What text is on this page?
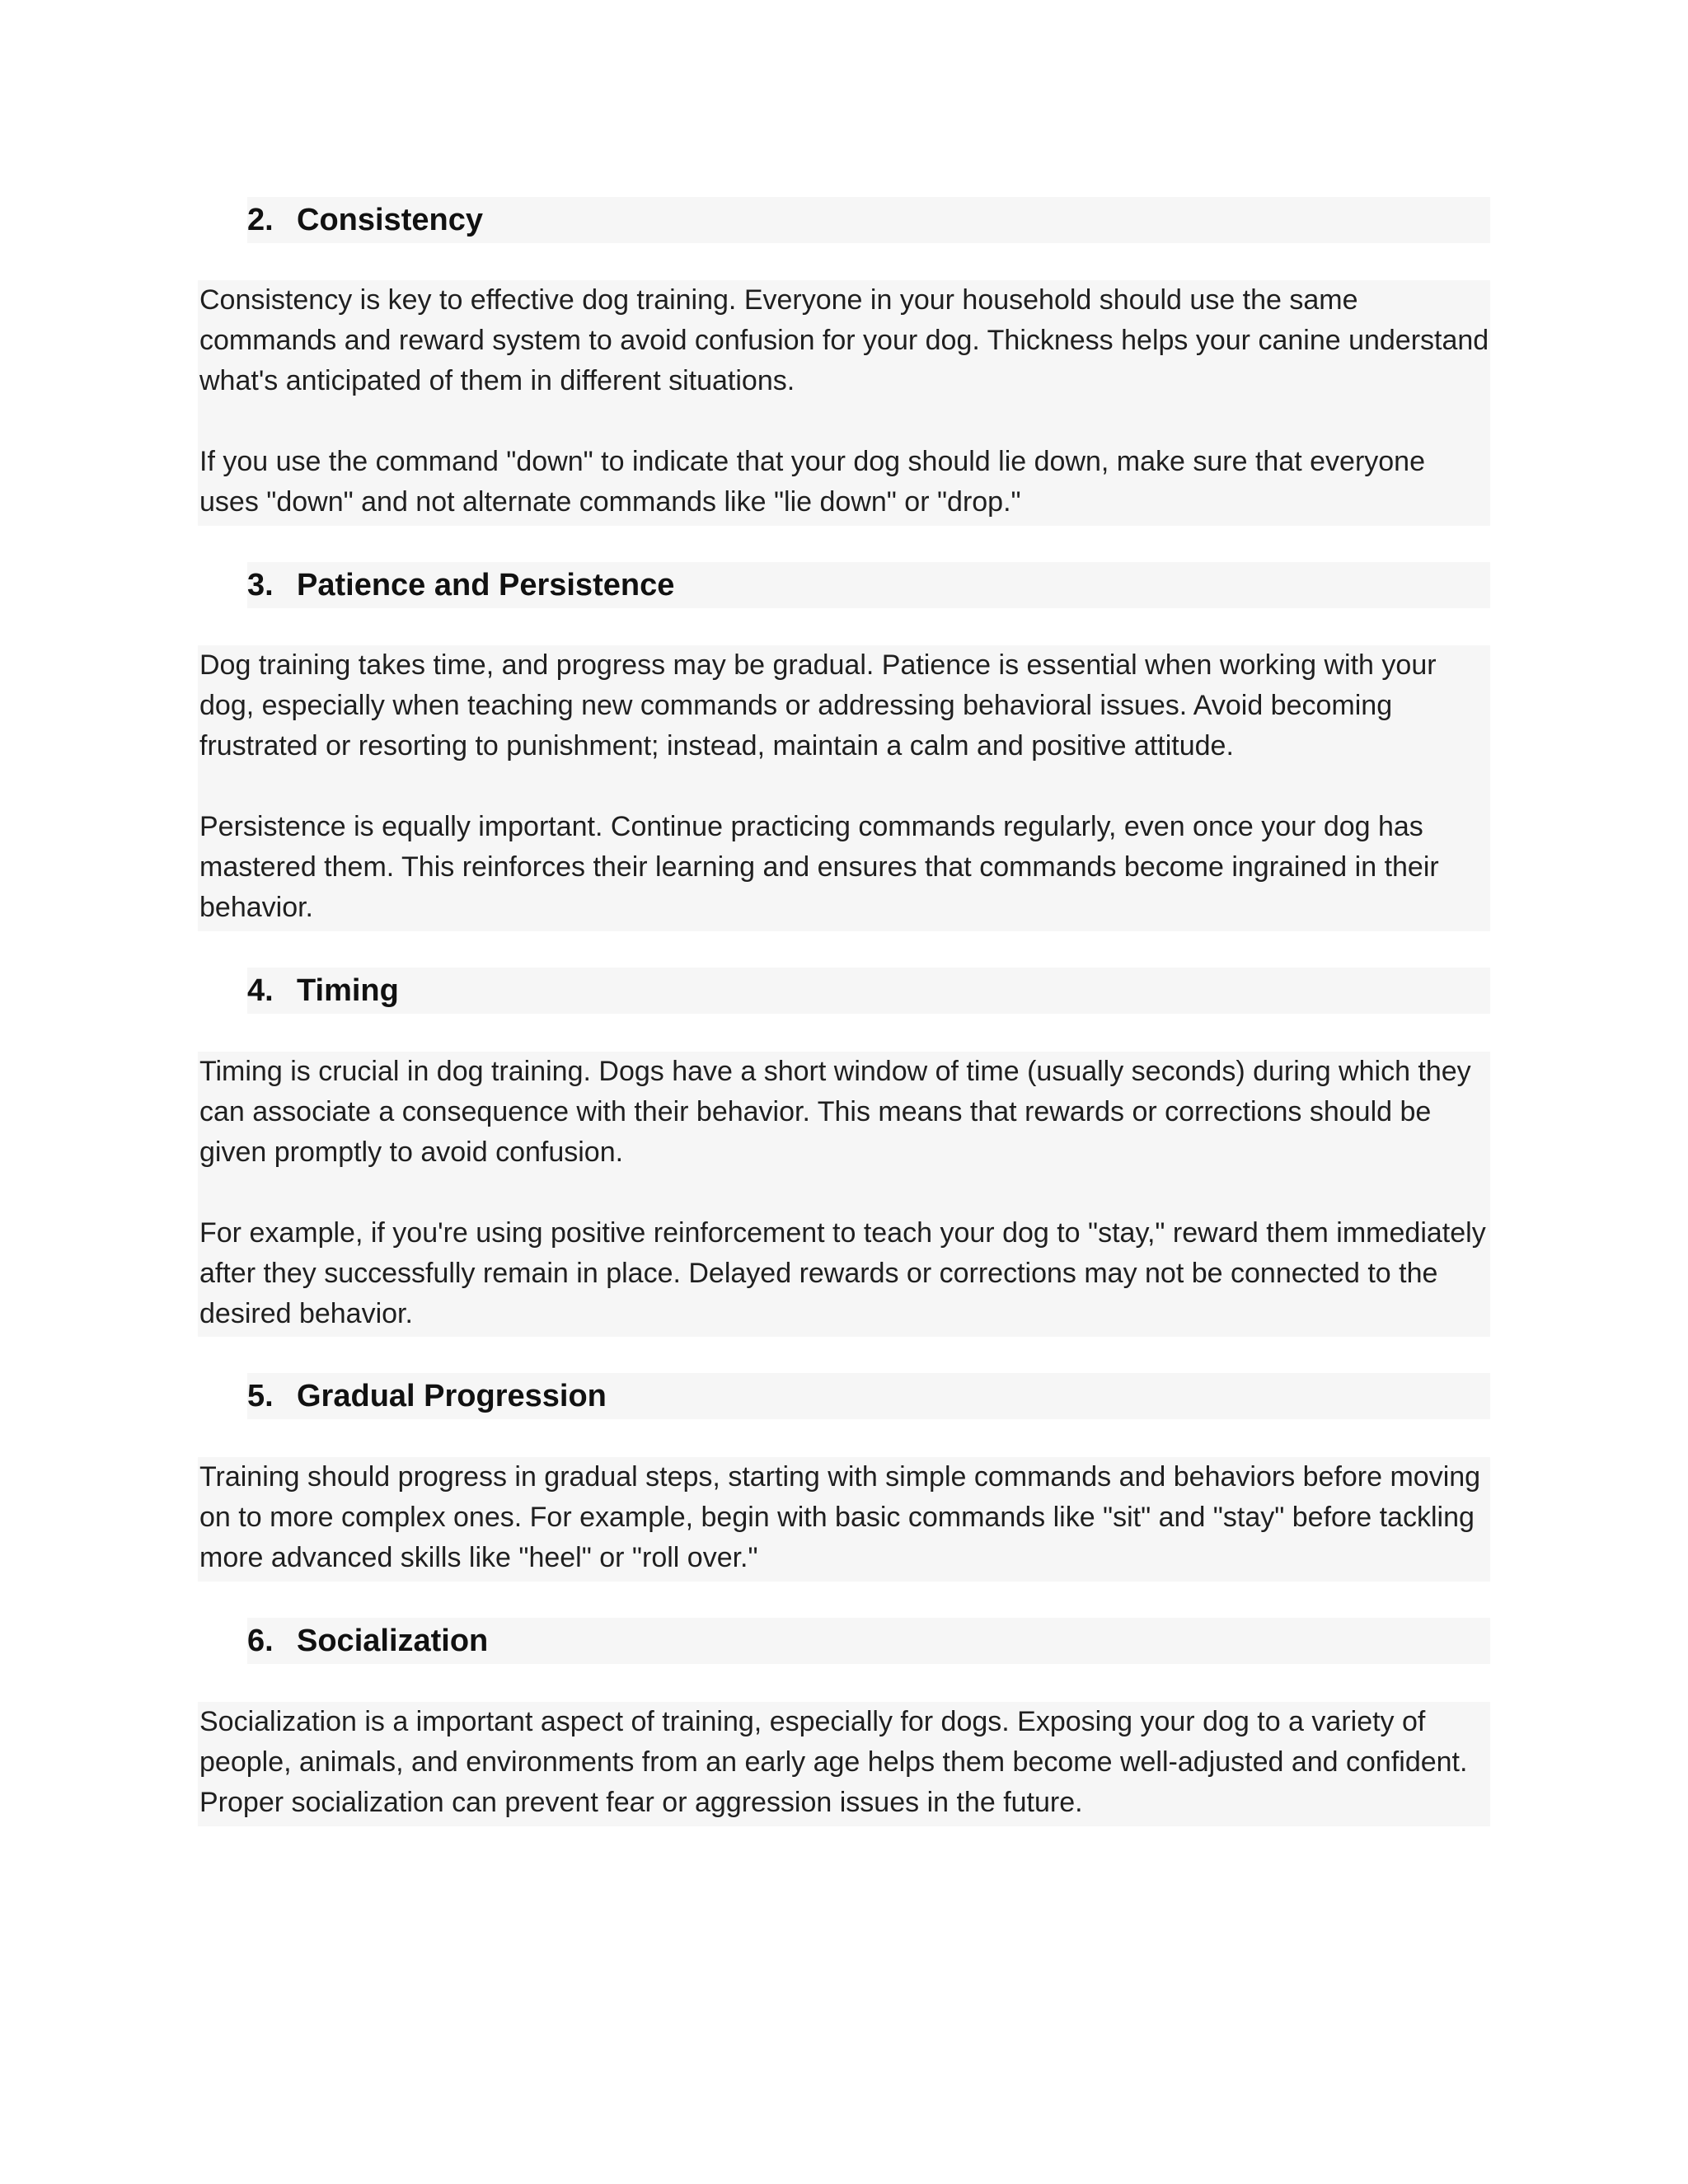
2. Consistency

Consistency is key to effective dog training. Everyone in your household should use the same commands and reward system to avoid confusion for your dog. Thickness helps your canine understand what's anticipated of them in different situations.

If you use the command "down" to indicate that your dog should lie down, make sure that everyone uses "down" and not alternate commands like "lie down" or "drop."

3. Patience and Persistence

Dog training takes time, and progress may be gradual. Patience is essential when working with your dog, especially when teaching new commands or addressing behavioral issues. Avoid becoming frustrated or resorting to punishment; instead, maintain a calm and positive attitude.

Persistence is equally important. Continue practicing commands regularly, even once your dog has mastered them. This reinforces their learning and ensures that commands become ingrained in their behavior.

4. Timing

Timing is crucial in dog training. Dogs have a short window of time (usually seconds) during which they can associate a consequence with their behavior. This means that rewards or corrections should be given promptly to avoid confusion.

For example, if you're using positive reinforcement to teach your dog to "stay," reward them immediately after they successfully remain in place. Delayed rewards or corrections may not be connected to the desired behavior.

5. Gradual Progression

Training should progress in gradual steps, starting with simple commands and behaviors before moving on to more complex ones. For example, begin with basic commands like "sit" and "stay" before tackling more advanced skills like "heel" or "roll over."

6. Socialization

Socialization is a important aspect of training, especially for dogs. Exposing your dog to a variety of people, animals, and environments from an early age helps them become well-adjusted and confident. Proper socialization can prevent fear or aggression issues in the future.
